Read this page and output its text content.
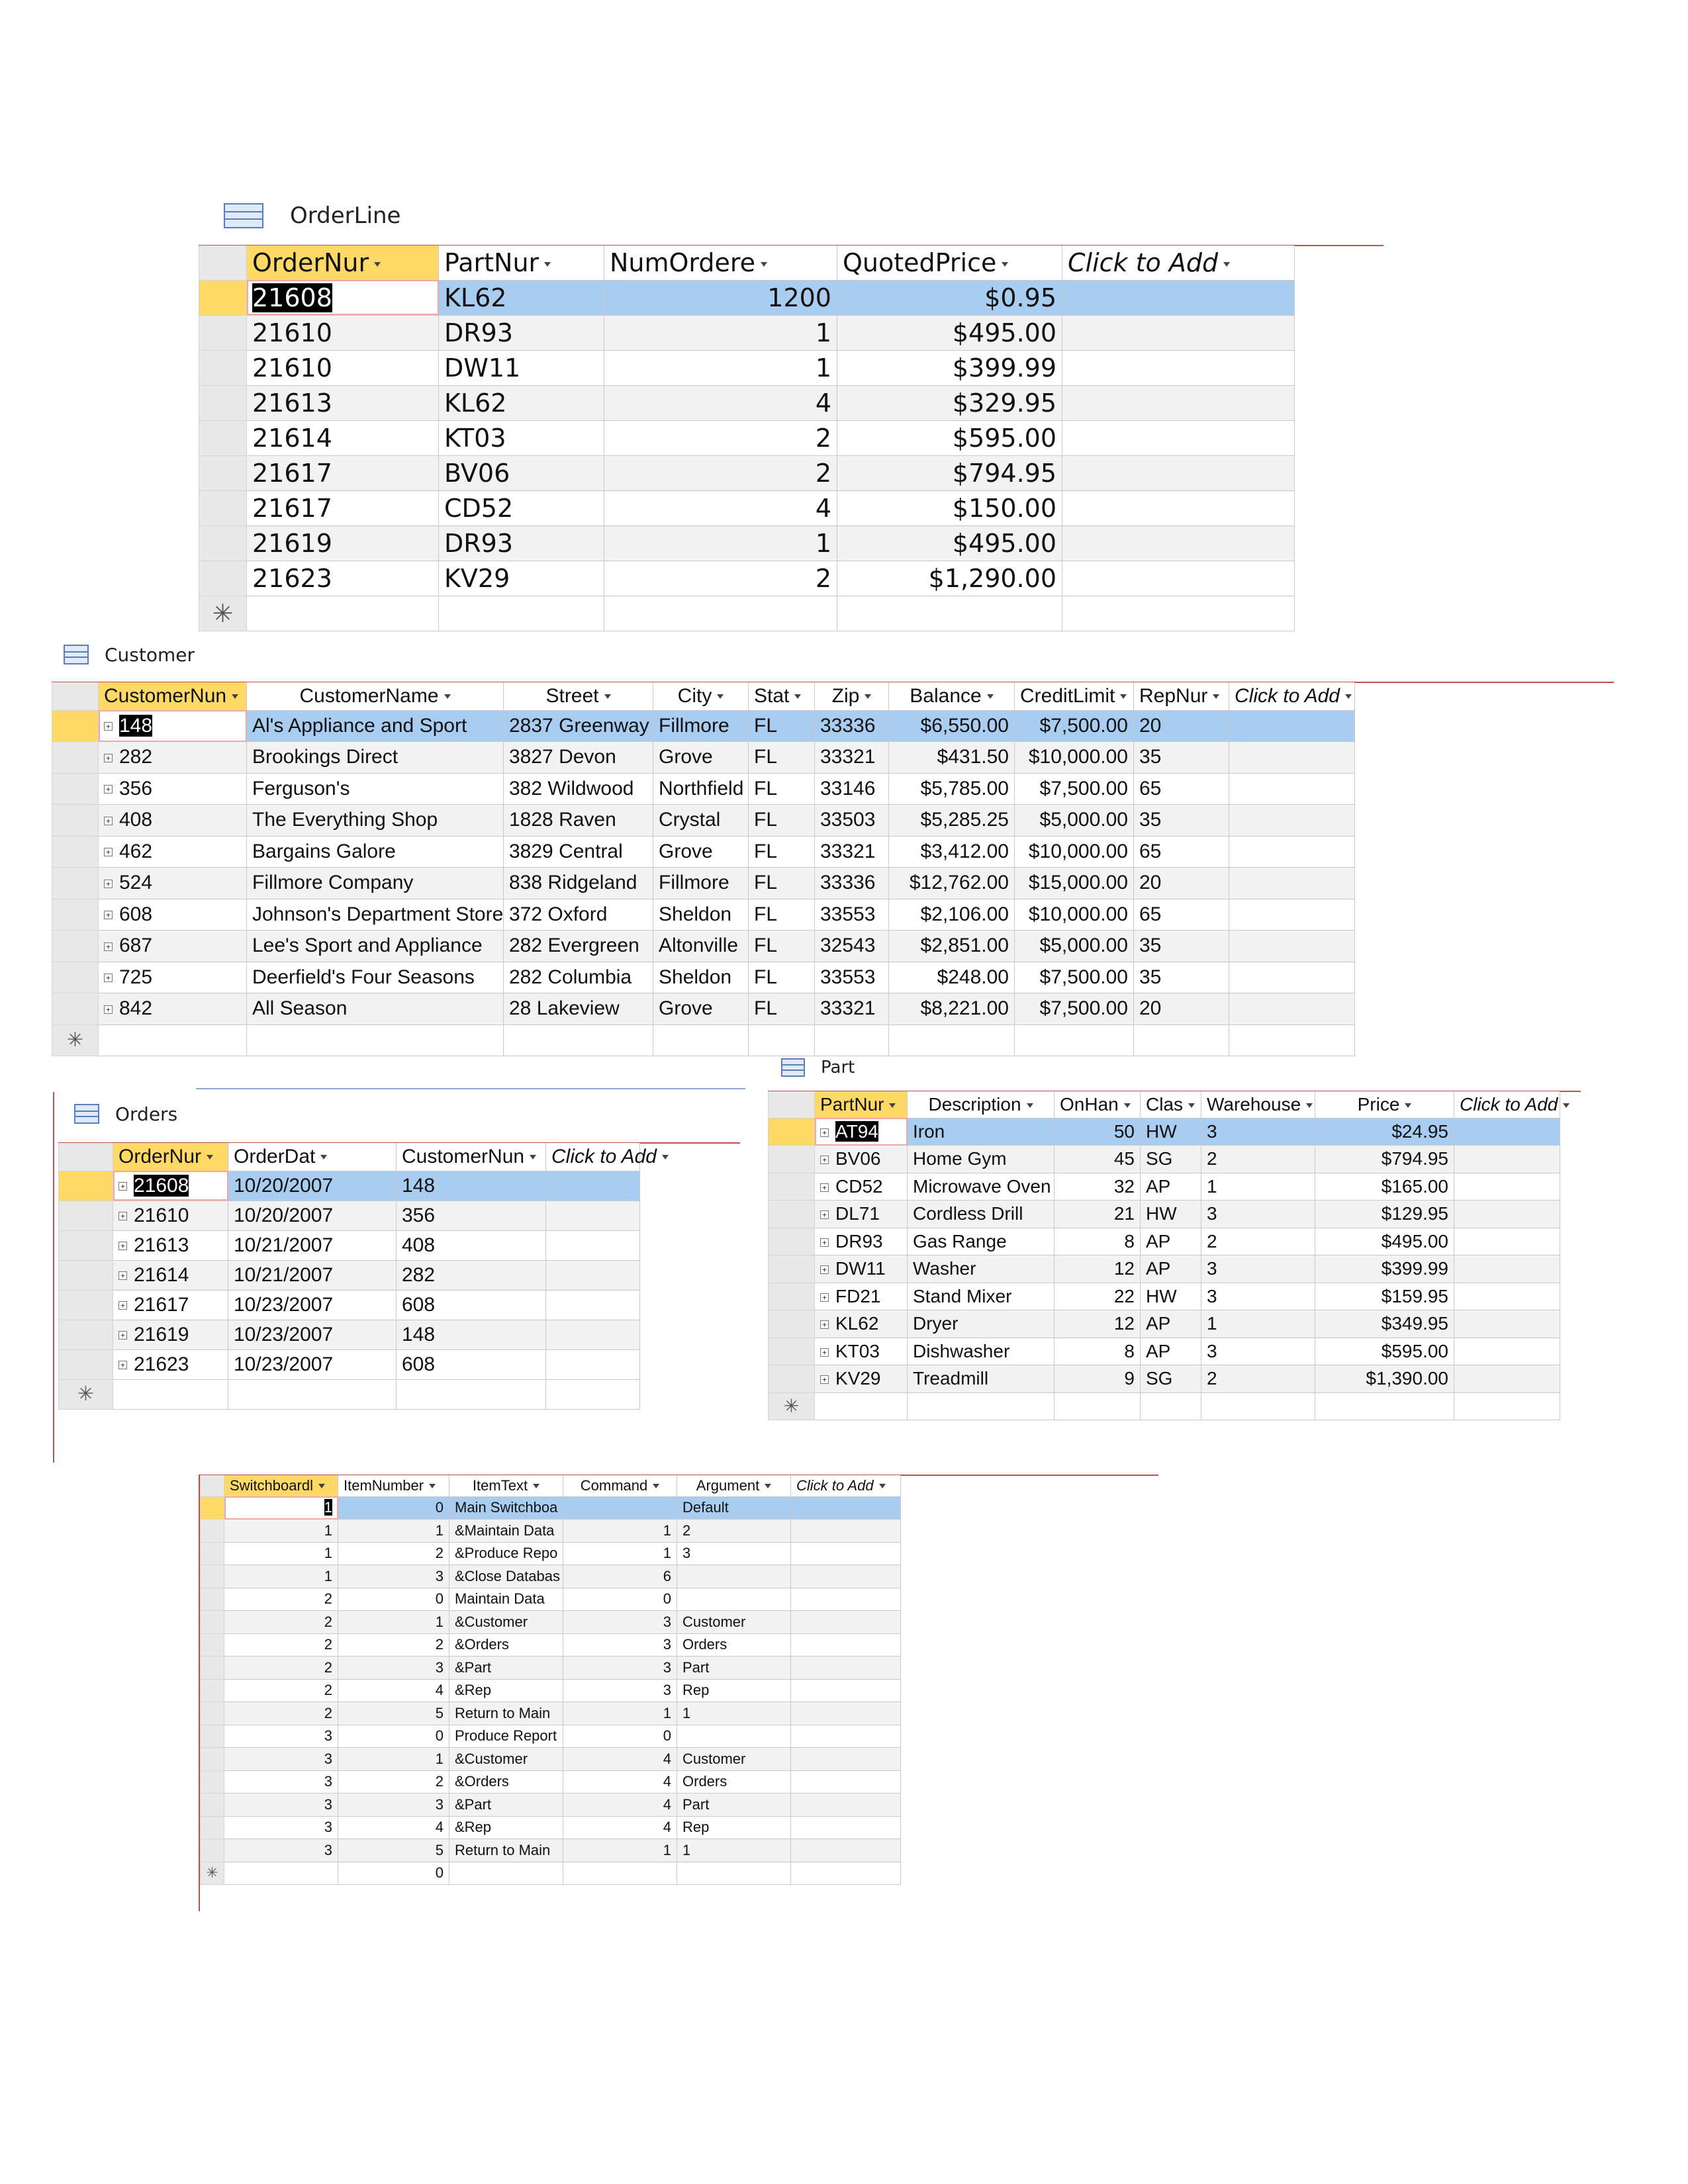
OrderLine
	OrderNur	PartNur	NumOrdere	QuotedPrice	Click to Add
	21608	KL62	1200	$0.95	
	21610	DR93	1	$495.00	
	21610	DW11	1	$399.99	
	21613	KL62	4	$329.95	
	21614	KT03	2	$595.00	
	21617	BV06	2	$794.95	
	21617	CD52	4	$150.00	
	21619	DR93	1	$495.00	
	21623	KV29	2	$1,290.00	
✳					
Customer
	CustomerNun	CustomerName	Street	City	Stat	Zip	Balance	CreditLimit	RepNur	Click to Add
	+ 148	Al's Appliance and Sport	2837 Greenway	Fillmore	FL	33336	$6,550.00	$7,500.00	20	
	+ 282	Brookings Direct	3827 Devon	Grove	FL	33321	$431.50	$10,000.00	35	
	+ 356	Ferguson's	382 Wildwood	Northfield	FL	33146	$5,785.00	$7,500.00	65	
	+ 408	The Everything Shop	1828 Raven	Crystal	FL	33503	$5,285.25	$5,000.00	35	
	+ 462	Bargains Galore	3829 Central	Grove	FL	33321	$3,412.00	$10,000.00	65	
	+ 524	Fillmore Company	838 Ridgeland	Fillmore	FL	33336	$12,762.00	$15,000.00	20	
	+ 608	Johnson's Department Store	372 Oxford	Sheldon	FL	33553	$2,106.00	$10,000.00	65	
	+ 687	Lee's Sport and Appliance	282 Evergreen	Altonville	FL	32543	$2,851.00	$5,000.00	35	
	+ 725	Deerfield's Four Seasons	282 Columbia	Sheldon	FL	33553	$248.00	$7,500.00	35	
	+ 842	All Season	28 Lakeview	Grove	FL	33321	$8,221.00	$7,500.00	20	
✳										
Orders
	OrderNur	OrderDat	CustomerNun	Click to Add
	+ 21608	10/20/2007	148	
	+ 21610	10/20/2007	356	
	+ 21613	10/21/2007	408	
	+ 21614	10/21/2007	282	
	+ 21617	10/23/2007	608	
	+ 21619	10/23/2007	148	
	+ 21623	10/23/2007	608	
✳				
Part
	PartNur	Description	OnHan	Clas	Warehouse	Price	Click to Add
	+ AT94	Iron	50	HW	3	$24.95	
	+ BV06	Home Gym	45	SG	2	$794.95	
	+ CD52	Microwave Oven	32	AP	1	$165.00	
	+ DL71	Cordless Drill	21	HW	3	$129.95	
	+ DR93	Gas Range	8	AP	2	$495.00	
	+ DW11	Washer	12	AP	3	$399.99	
	+ FD21	Stand Mixer	22	HW	3	$159.95	
	+ KL62	Dryer	12	AP	1	$349.95	
	+ KT03	Dishwasher	8	AP	3	$595.00	
	+ KV29	Treadmill	9	SG	2	$1,390.00	
✳							
	Switchboardl	ItemNumber	ItemText	Command	Argument	Click to Add
	1	0	Main Switchboa		Default	
	1	1	&Maintain Data	1	2	
	1	2	&Produce Repo	1	3	
	1	3	&Close Databas	6		
	2	0	Maintain Data	0		
	2	1	&Customer	3	Customer	
	2	2	&Orders	3	Orders	
	2	3	&Part	3	Part	
	2	4	&Rep	3	Rep	
	2	5	Return to Main	1	1	
	3	0	Produce Report	0		
	3	1	&Customer	4	Customer	
	3	2	&Orders	4	Orders	
	3	3	&Part	4	Part	
	3	4	&Rep	4	Rep	
	3	5	Return to Main	1	1	
✳		0				
